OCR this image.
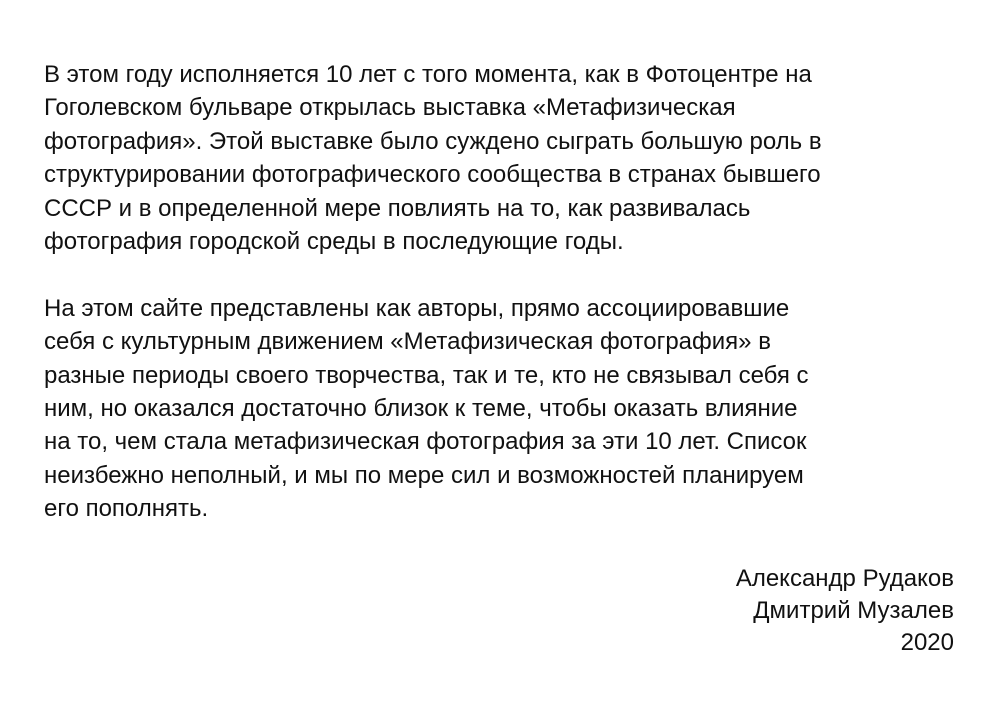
В этом году исполняется 10 лет с того момента, как в Фотоцентре на
Гоголевском бульваре открылась выставка «Метафизическая
фотография». Этой выставке было суждено сыграть большую роль в
структурировании фотографического сообщества в странах бывшего
СССР и в определенной мере повлиять на то, как развивалась
фотография городской среды в последующие годы.

На этом сайте представлены как авторы, прямо ассоциировавшие
себя с культурным движением «Метафизическая фотография» в
разные периоды своего творчества, так и те, кто не связывал себя с
ним, но оказался достаточно близок к теме, чтобы оказать влияние
на то, чем стала метафизическая фотография за эти 10 лет. Список
неизбежно неполный, и мы по мере сил и возможностей планируем
его пополнять.

Александр Рудаков
Дмитрий Музалев
2020
